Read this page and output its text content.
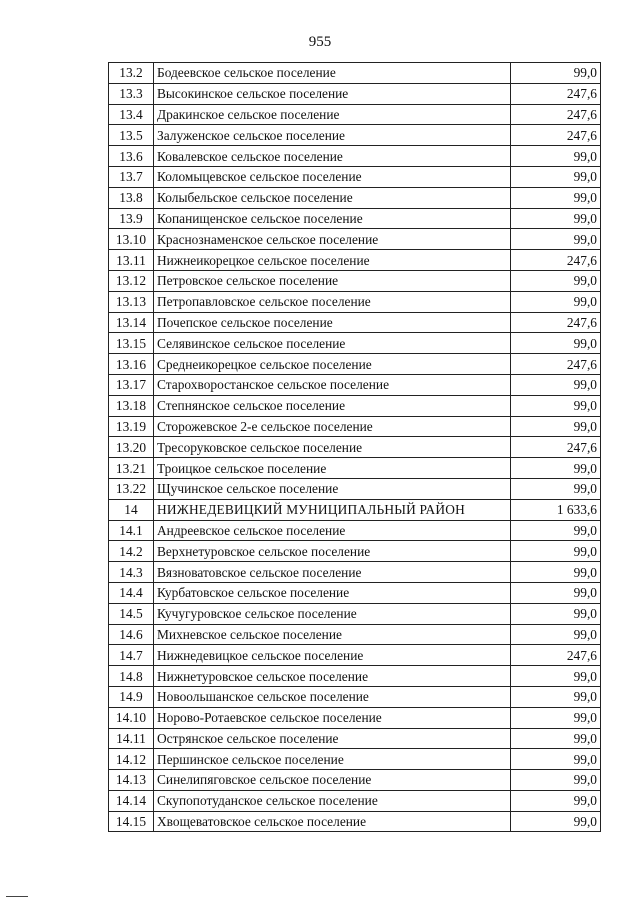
955
13.2	Бодеевское сельское поселение	99,0
13.3	Высокинское сельское поселение	247,6
13.4	Дракинское сельское поселение	247,6
13.5	Залуженское сельское поселение	247,6
13.6	Ковалевское сельское поселение	99,0
13.7	Коломыцевское сельское поселение	99,0
13.8	Колыбельское сельское поселение	99,0
13.9	Копанищенское сельское поселение	99,0
13.10	Краснознаменское сельское поселение	99,0
13.11	Нижнеикорецкое сельское поселение	247,6
13.12	Петровское сельское поселение	99,0
13.13	Петропавловское сельское поселение	99,0
13.14	Почепское сельское поселение	247,6
13.15	Селявинское сельское поселение	99,0
13.16	Среднеикорецкое сельское поселение	247,6
13.17	Старохворостанское сельское поселение	99,0
13.18	Степнянское сельское поселение	99,0
13.19	Сторожевское 2-е сельское поселение	99,0
13.20	Тресоруковское сельское поселение	247,6
13.21	Троицкое сельское поселение	99,0
13.22	Щучинское сельское поселение	99,0
14	НИЖНЕДЕВИЦКИЙ МУНИЦИПАЛЬНЫЙ РАЙОН	1 633,6
14.1	Андреевское сельское поселение	99,0
14.2	Верхнетуровское сельское поселение	99,0
14.3	Вязноватовское сельское поселение	99,0
14.4	Курбатовское сельское поселение	99,0
14.5	Кучугуровское сельское поселение	99,0
14.6	Михневское сельское поселение	99,0
14.7	Нижнедевицкое сельское поселение	247,6
14.8	Нижнетуровское сельское поселение	99,0
14.9	Новоольшанское сельское поселение	99,0
14.10	Норово-Ротаевское сельское поселение	99,0
14.11	Острянское сельское поселение	99,0
14.12	Першинское сельское поселение	99,0
14.13	Синелипяговское сельское поселение	99,0
14.14	Скупопотуданское сельское поселение	99,0
14.15	Хвощеватовское сельское поселение	99,0
